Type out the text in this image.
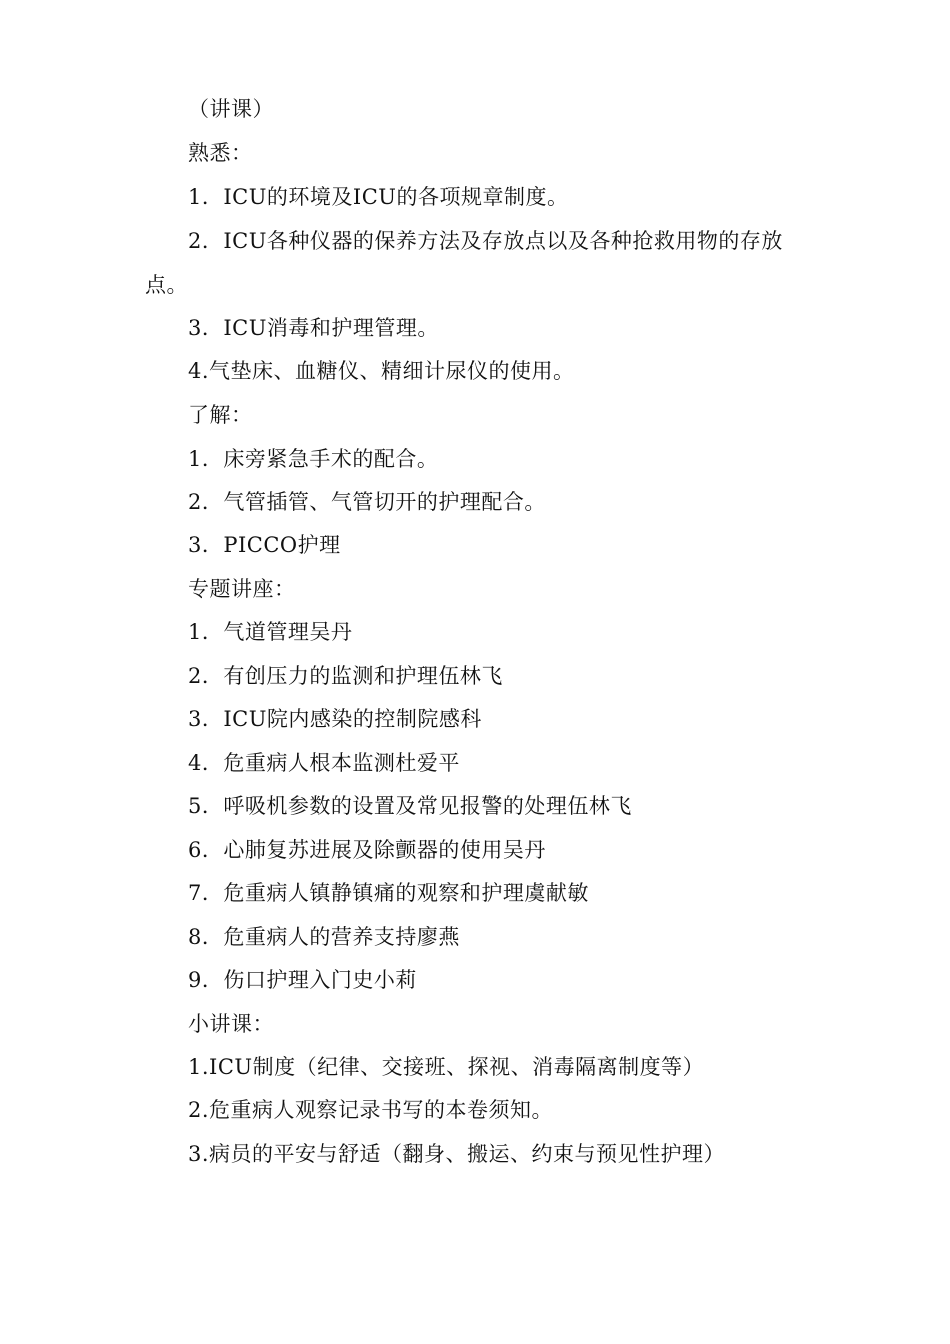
（讲课）
熟悉：
1．ICU的环境及ICU的各项规章制度。
2．ICU各种仪器的保养方法及存放点以及各种抢救用物的存放
点。
3．ICU消毒和护理管理。
4.气垫床、血糖仪、精细计尿仪的使用。
了解：
1．床旁紧急手术的配合。
2．气管插管、气管切开的护理配合。
3．PICCO护理
专题讲座：
1．气道管理吴丹
2．有创压力的监测和护理伍林飞
3．ICU院内感染的控制院感科
4．危重病人根本监测杜爱平
5．呼吸机参数的设置及常见报警的处理伍林飞
6．心肺复苏进展及除颤器的使用吴丹
7．危重病人镇静镇痛的观察和护理虞献敏
8．危重病人的营养支持廖燕
9．伤口护理入门史小莉
小讲课：
1.ICU制度（纪律、交接班、探视、消毒隔离制度等）
2.危重病人观察记录书写的本卷须知。
3.病员的平安与舒适（翻身、搬运、约束与预见性护理）
